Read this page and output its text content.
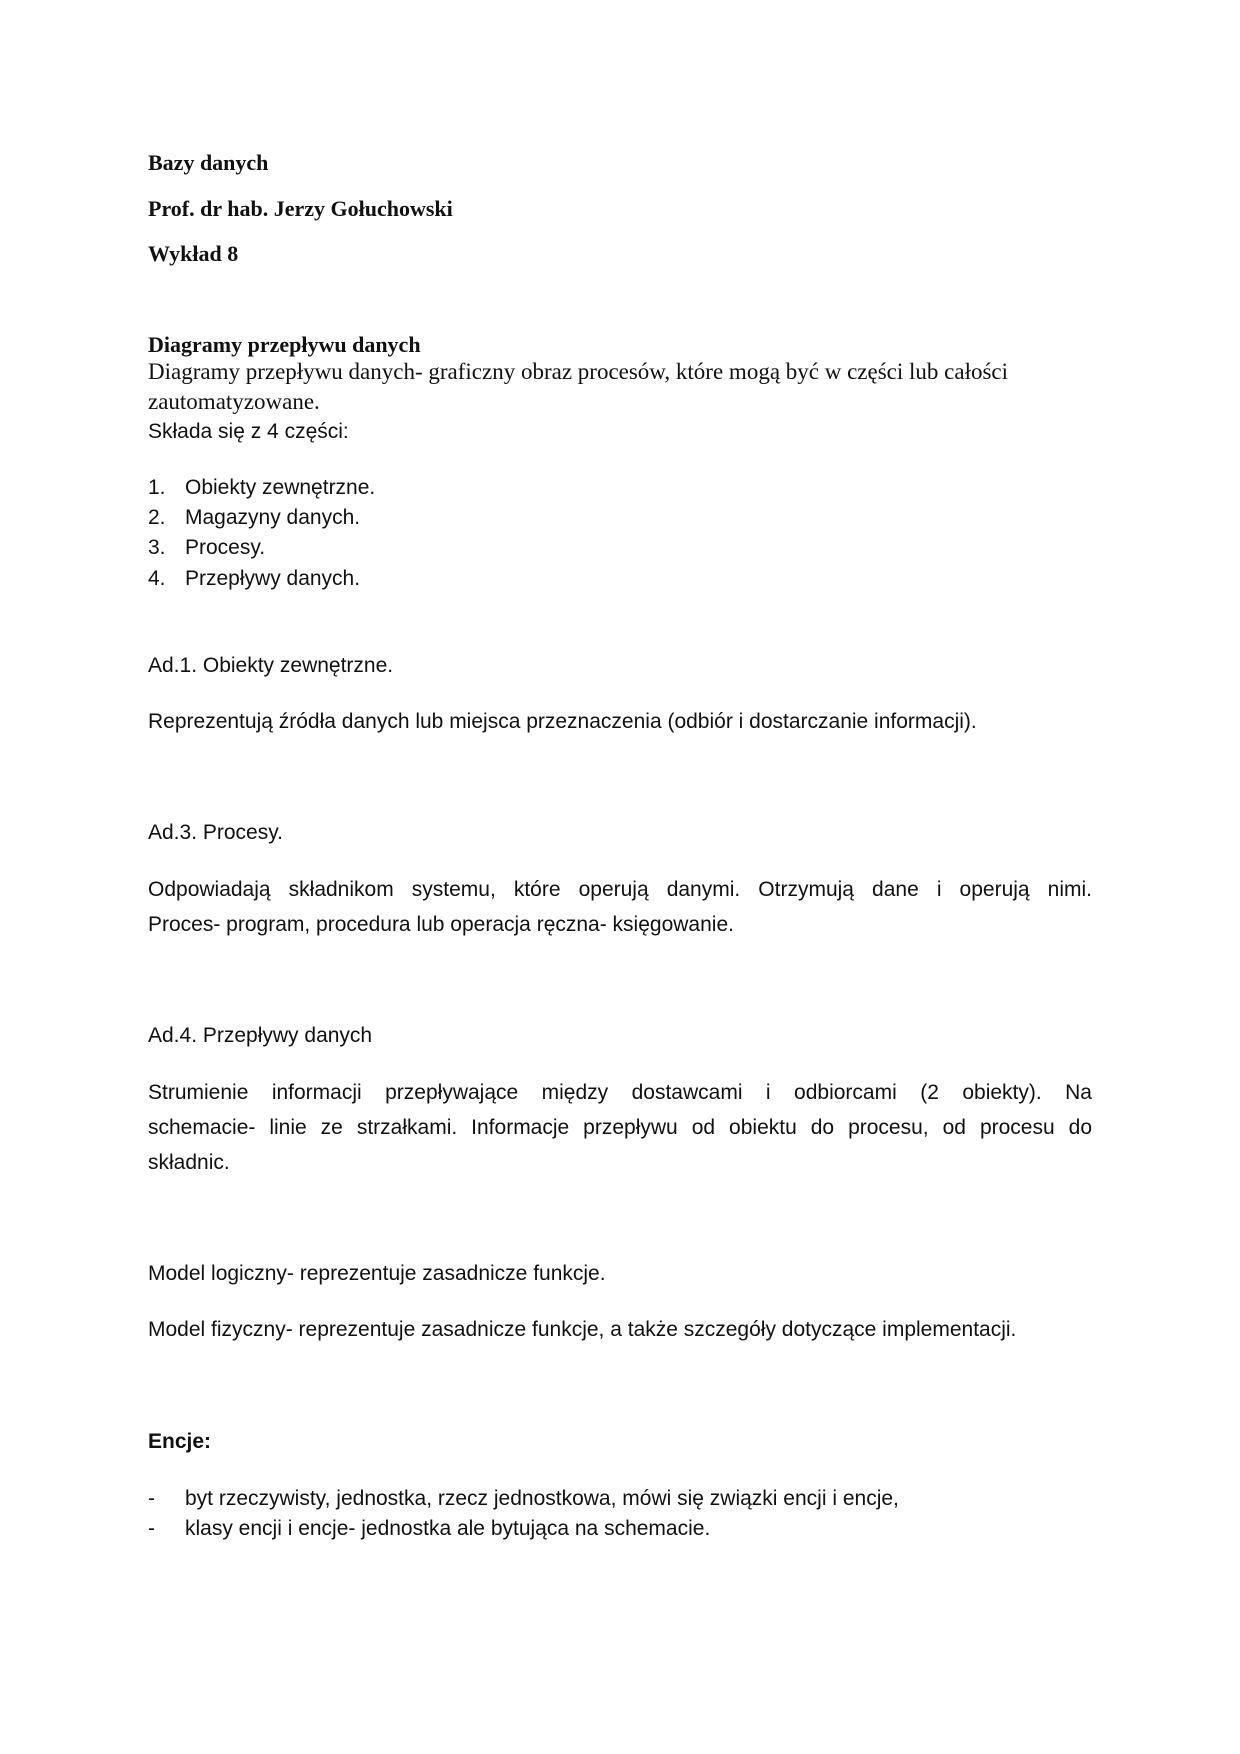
Bazy danych

Prof. dr hab. Jerzy Gołuchowski

Wykład 8

Diagramy przepływu danych

Diagramy przepływu danych- graficzny obraz procesów, które mogą być w części lub całości

zautomatyzowane.

Składa się z 4 części:

1. Obiekty zewnętrzne.
2. Magazyny danych.
3. Procesy.
4. Przepływy danych.

Ad.1. Obiekty zewnętrzne.

Reprezentują źródła danych lub miejsca przeznaczenia (odbiór i dostarczanie informacji).

Ad.3. Procesy.

Odpowiadają składnikom systemu, które operują danymi. Otrzymują dane i operują nimi.
Proces- program, procedura lub operacja ręczna- księgowanie.

Ad.4. Przepływy danych

Strumienie informacji przepływające między dostawcami i odbiorcami (2 obiekty). Na
schemacie- linie ze strzałkami. Informacje przepływu od obiektu do procesu, od procesu do
składnic.

Model logiczny- reprezentuje zasadnicze funkcje.

Model fizyczny- reprezentuje zasadnicze funkcje, a także szczegóły dotyczące implementacji.

Encje:

- byt rzeczywisty, jednostka, rzecz jednostkowa, mówi się związki encji i encje,
- klasy encji i encje- jednostka ale bytująca na schemacie.
